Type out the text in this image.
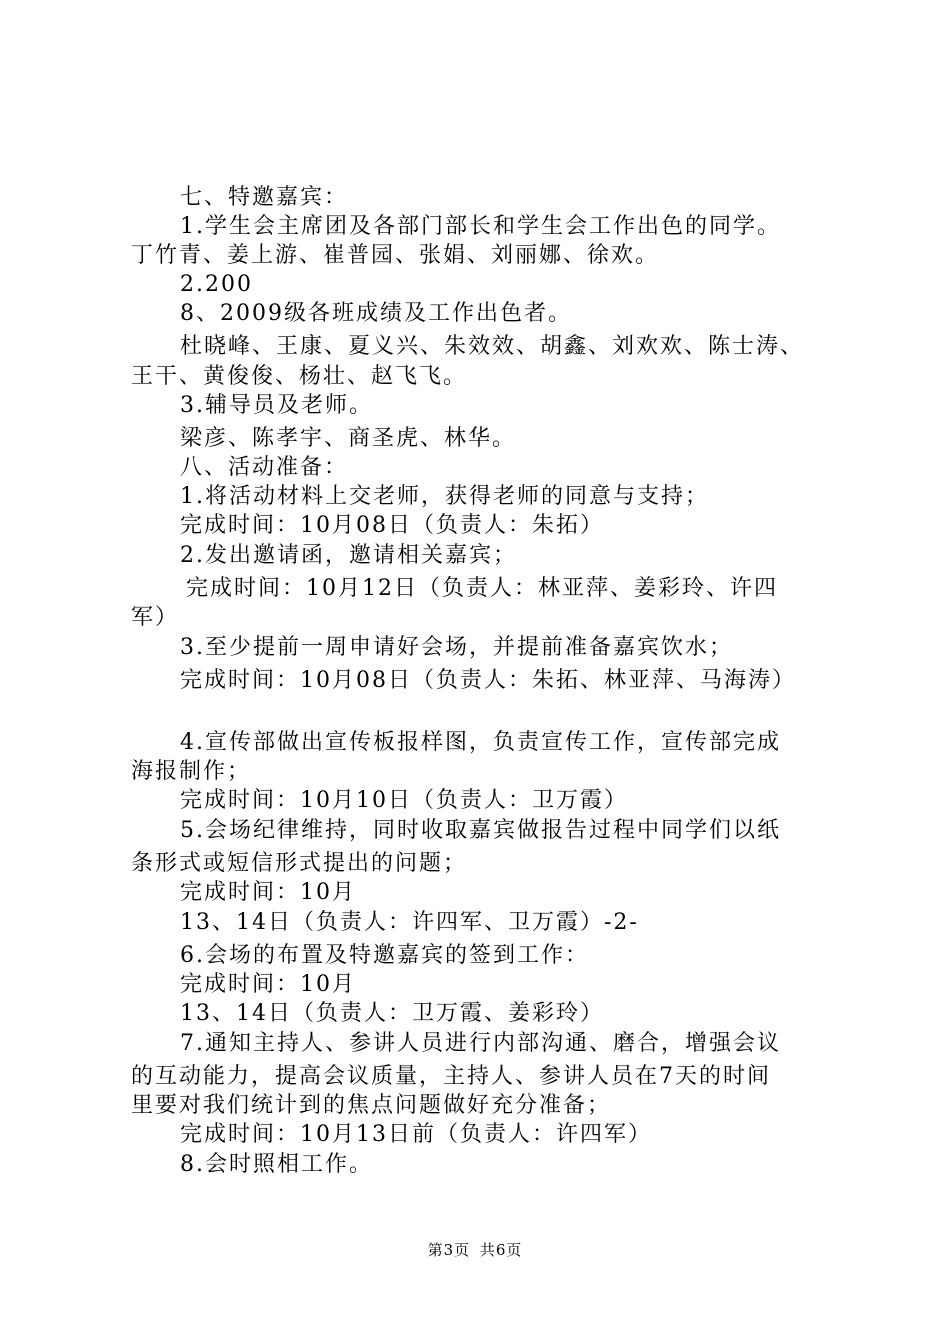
七、特邀嘉宾：
1.学生会主席团及各部门部长和学生会工作出色的同学。
丁竹青、姜上游、崔普园、张娟、刘丽娜、徐欢。
2.200
8、2009级各班成绩及工作出色者。
杜晓峰、王康、夏义兴、朱效效、胡鑫、刘欢欢、陈士涛、
王干、黄俊俊、杨壮、赵飞飞。
3.辅导员及老师。
梁彦、陈孝宇、商圣虎、林华。
八、活动准备：
1.将活动材料上交老师，获得老师的同意与支持；
完成时间：10月08日（负责人：朱拓）
2.发出邀请函，邀请相关嘉宾；
完成时间：10月12日（负责人：林亚萍、姜彩玲、许四
军）
3.至少提前一周申请好会场，并提前准备嘉宾饮水；
完成时间：10月08日（负责人：朱拓、林亚萍、马海涛）
4.宣传部做出宣传板报样图，负责宣传工作，宣传部完成
海报制作；
完成时间：10月10日（负责人：卫万霞）
5.会场纪律维持，同时收取嘉宾做报告过程中同学们以纸
条形式或短信形式提出的问题；
完成时间：10月
13、14日（负责人：许四军、卫万霞）-2-
6.会场的布置及特邀嘉宾的签到工作：
完成时间：10月
13、14日（负责人：卫万霞、姜彩玲）
7.通知主持人、参讲人员进行内部沟通、磨合，增强会议
的互动能力，提高会议质量，主持人、参讲人员在7天的时间
里要对我们统计到的焦点问题做好充分准备；
完成时间：10月13日前（负责人：许四军）
8.会时照相工作。
第3页 共6页
